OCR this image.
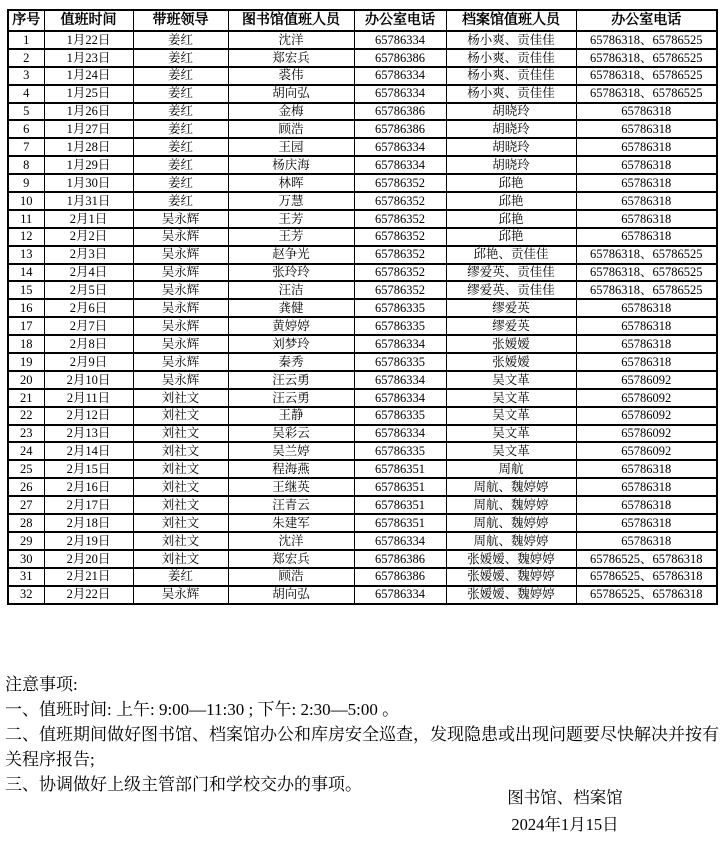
序号	值班时间	带班领导	图书馆值班人员	办公室电话	档案馆值班人员	办公室电话
1	1月22日	姜红	沈洋	65786334	杨小爽、贡佳佳	65786318、65786525
2	1月23日	姜红	郑宏兵	65786386	杨小爽、贡佳佳	65786318、65786525
3	1月24日	姜红	裘伟	65786334	杨小爽、贡佳佳	65786318、65786525
4	1月25日	姜红	胡向弘	65786334	杨小爽、贡佳佳	65786318、65786525
5	1月26日	姜红	金梅	65786386	胡晓玲	65786318
6	1月27日	姜红	顾浩	65786386	胡晓玲	65786318
7	1月28日	姜红	王园	65786334	胡晓玲	65786318
8	1月29日	姜红	杨庆海	65786334	胡晓玲	65786318
9	1月30日	姜红	林晖	65786352	邱艳	65786318
10	1月31日	姜红	万慧	65786352	邱艳	65786318
11	2月1日	吴永辉	王芳	65786352	邱艳	65786318
12	2月2日	吴永辉	王芳	65786352	邱艳	65786318
13	2月3日	吴永辉	赵争光	65786352	邱艳、贡佳佳	65786318、65786525
14	2月4日	吴永辉	张玲玲	65786352	缪爱英、贡佳佳	65786318、65786525
15	2月5日	吴永辉	汪洁	65786352	缪爱英、贡佳佳	65786318、65786525
16	2月6日	吴永辉	龚健	65786335	缪爱英	65786318
17	2月7日	吴永辉	黄婷婷	65786335	缪爱英	65786318
18	2月8日	吴永辉	刘梦玲	65786334	张嫒嫒	65786318
19	2月9日	吴永辉	秦秀	65786335	张嫒嫒	65786318
20	2月10日	吴永辉	汪云勇	65786334	吴文革	65786092
21	2月11日	刘社文	汪云勇	65786334	吴文革	65786092
22	2月12日	刘社文	王静	65786335	吴文革	65786092
23	2月13日	刘社文	吴彩云	65786334	吴文革	65786092
24	2月14日	刘社文	吴兰婷	65786335	吴文革	65786092
25	2月15日	刘社文	程海燕	65786351	周航	65786318
26	2月16日	刘社文	王继英	65786351	周航、魏婷婷	65786318
27	2月17日	刘社文	汪青云	65786351	周航、魏婷婷	65786318
28	2月18日	刘社文	朱建军	65786351	周航、魏婷婷	65786318
29	2月19日	刘社文	沈洋	65786334	周航、魏婷婷	65786318
30	2月20日	刘社文	郑宏兵	65786386	张嫒嫒、魏婷婷	65786525、65786318
31	2月21日	姜红	顾浩	65786386	张嫒嫒、魏婷婷	65786525、65786318
32	2月22日	吴永辉	胡向弘	65786334	张嫒嫒、魏婷婷	65786525、65786318
注意事项:
一、值班时间: 上午: 9:00—11:30 ; 下午: 2:30—5:00 。
二、值班期间做好图书馆、档案馆办公和库房安全巡查，发现隐患或出现问题要尽快解决并按有关程序报告;
三、协调做好上级主管部门和学校交办的事项。
图书馆、档案馆
2024年1月15日
